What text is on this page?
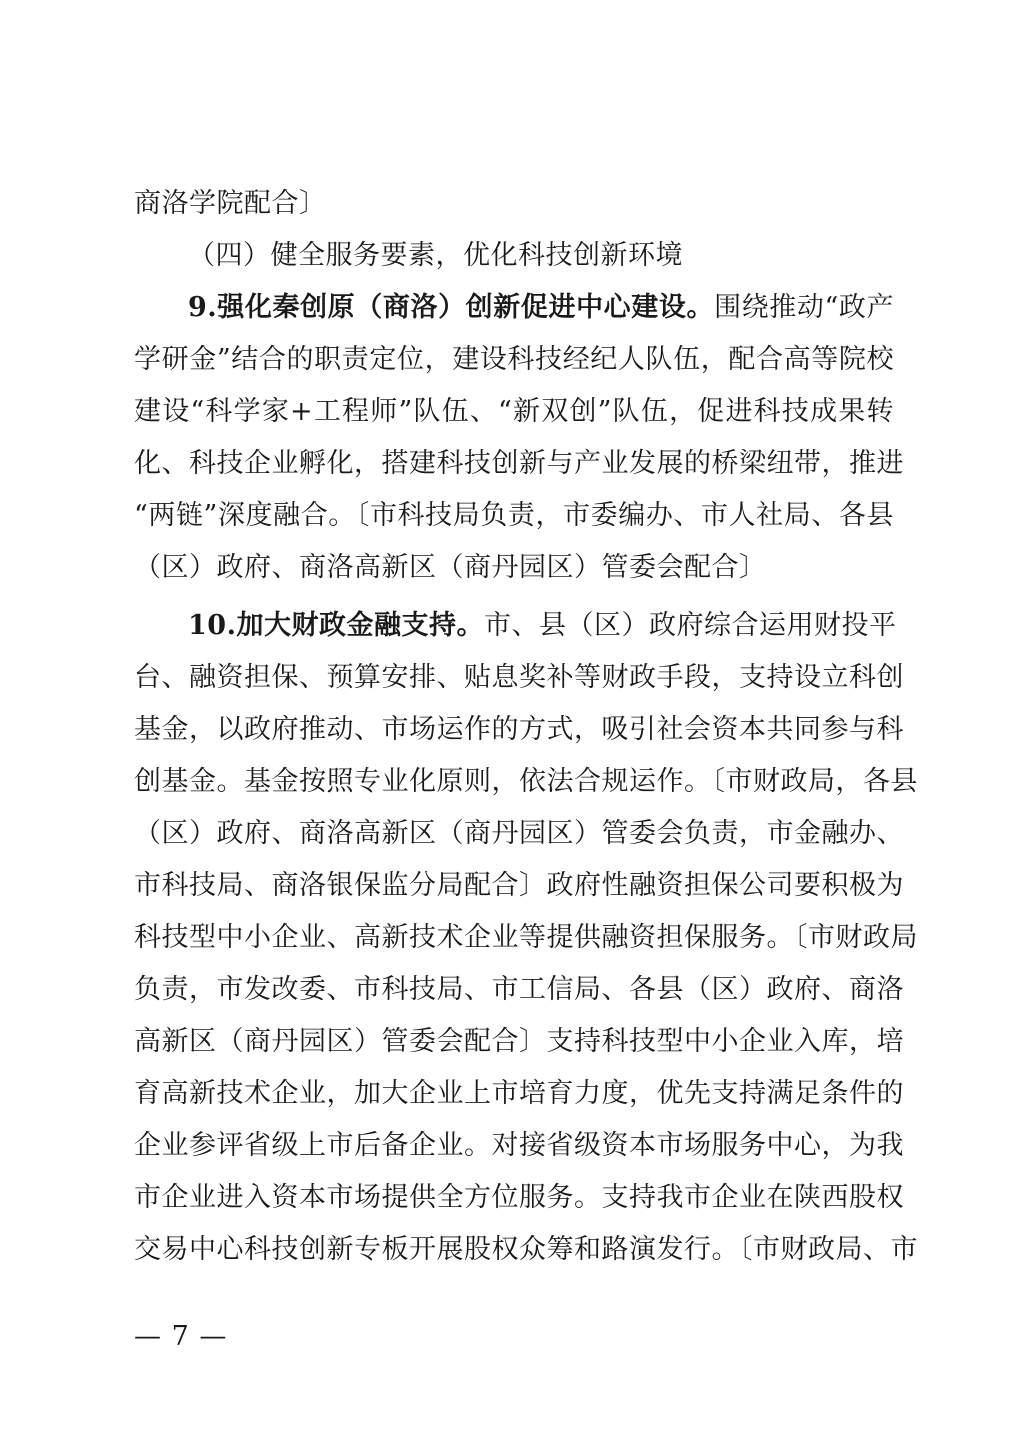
商洛学院配合〕
（四）健全服务要素，优化科技创新环境
9.强化秦创原（商洛）创新促进中心建设。围绕推动“政产
学研金”结合的职责定位，建设科技经纪人队伍，配合高等院校
建设“科学家+工程师”队伍、“新双创”队伍，促进科技成果转
化、科技企业孵化，搭建科技创新与产业发展的桥梁纽带，推进
“两链”深度融合。〔市科技局负责，市委编办、市人社局、各县
（区）政府、商洛高新区（商丹园区）管委会配合〕
10.加大财政金融支持。市、县（区）政府综合运用财投平
台、融资担保、预算安排、贴息奖补等财政手段，支持设立科创
基金，以政府推动、市场运作的方式，吸引社会资本共同参与科
创基金。基金按照专业化原则，依法合规运作。〔市财政局，各县
（区）政府、商洛高新区（商丹园区）管委会负责，市金融办、
市科技局、商洛银保监分局配合〕政府性融资担保公司要积极为
科技型中小企业、高新技术企业等提供融资担保服务。〔市财政局
负责，市发改委、市科技局、市工信局、各县（区）政府、商洛
高新区（商丹园区）管委会配合〕支持科技型中小企业入库，培
育高新技术企业，加大企业上市培育力度，优先支持满足条件的
企业参评省级上市后备企业。对接省级资本市场服务中心，为我
市企业进入资本市场提供全方位服务。支持我市企业在陕西股权
交易中心科技创新专板开展股权众筹和路演发行。〔市财政局、市
— 7 —
